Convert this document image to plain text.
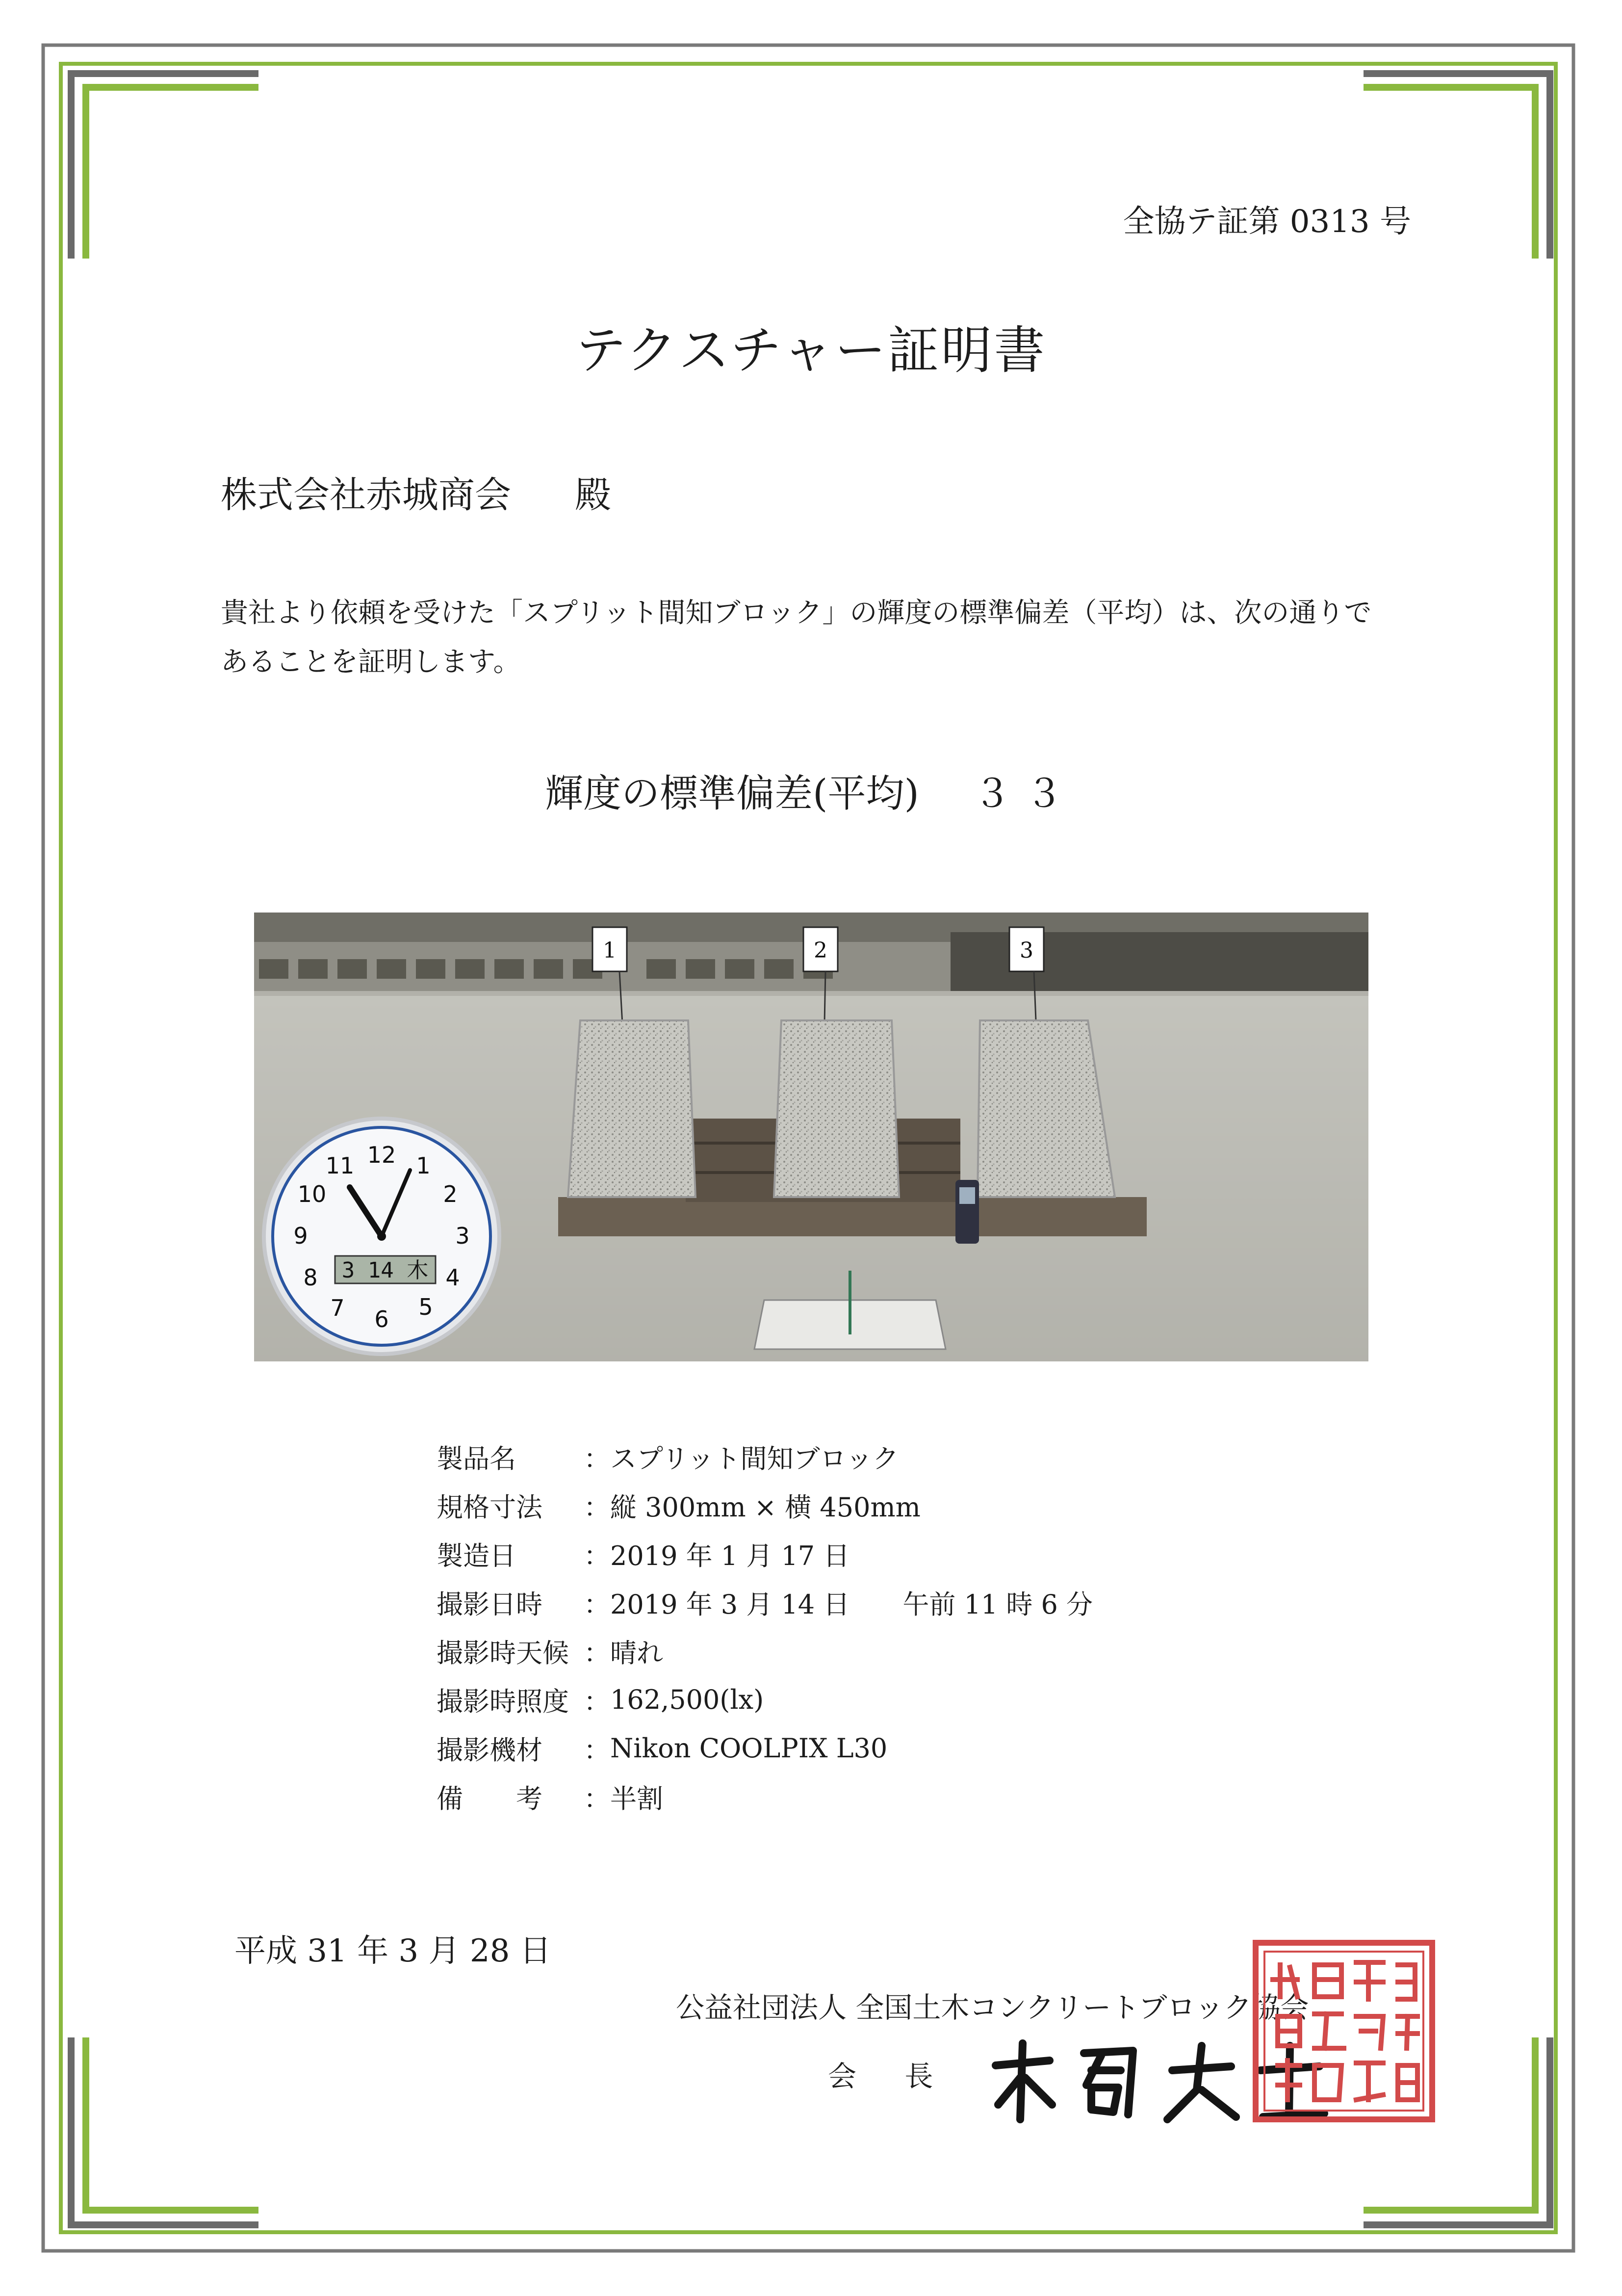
全協テ証第 0313 号
テクスチャー証明書
株式会社赤城商会 殿
貴社より依頼を受けた「スプリット間知ブロック」の輝度の標準偏差（平均）は、次の通りで
あることを証明します。
輝度の標準偏差(平均) ３３
1	2	3
12 1
2
3
4
5
6
7
8
9
10
11
3 14 木
製品名	：	スプリット間知ブロック
規格寸法	：	縦 300mm × 横 450mm
製造日	：	2019 年 1 月 17 日
撮影日時	：	2019 年 3 月 14 日　　午前 11 時 6 分
撮影時天候	：	晴れ
撮影時照度	：	162,500(lx)
撮影機材	：	Nikon COOLPIX L30
備　　考	：	半割
平成 31 年 3 月 28 日
公益社団法人 全国土木コンクリートブロック協会
会 長
